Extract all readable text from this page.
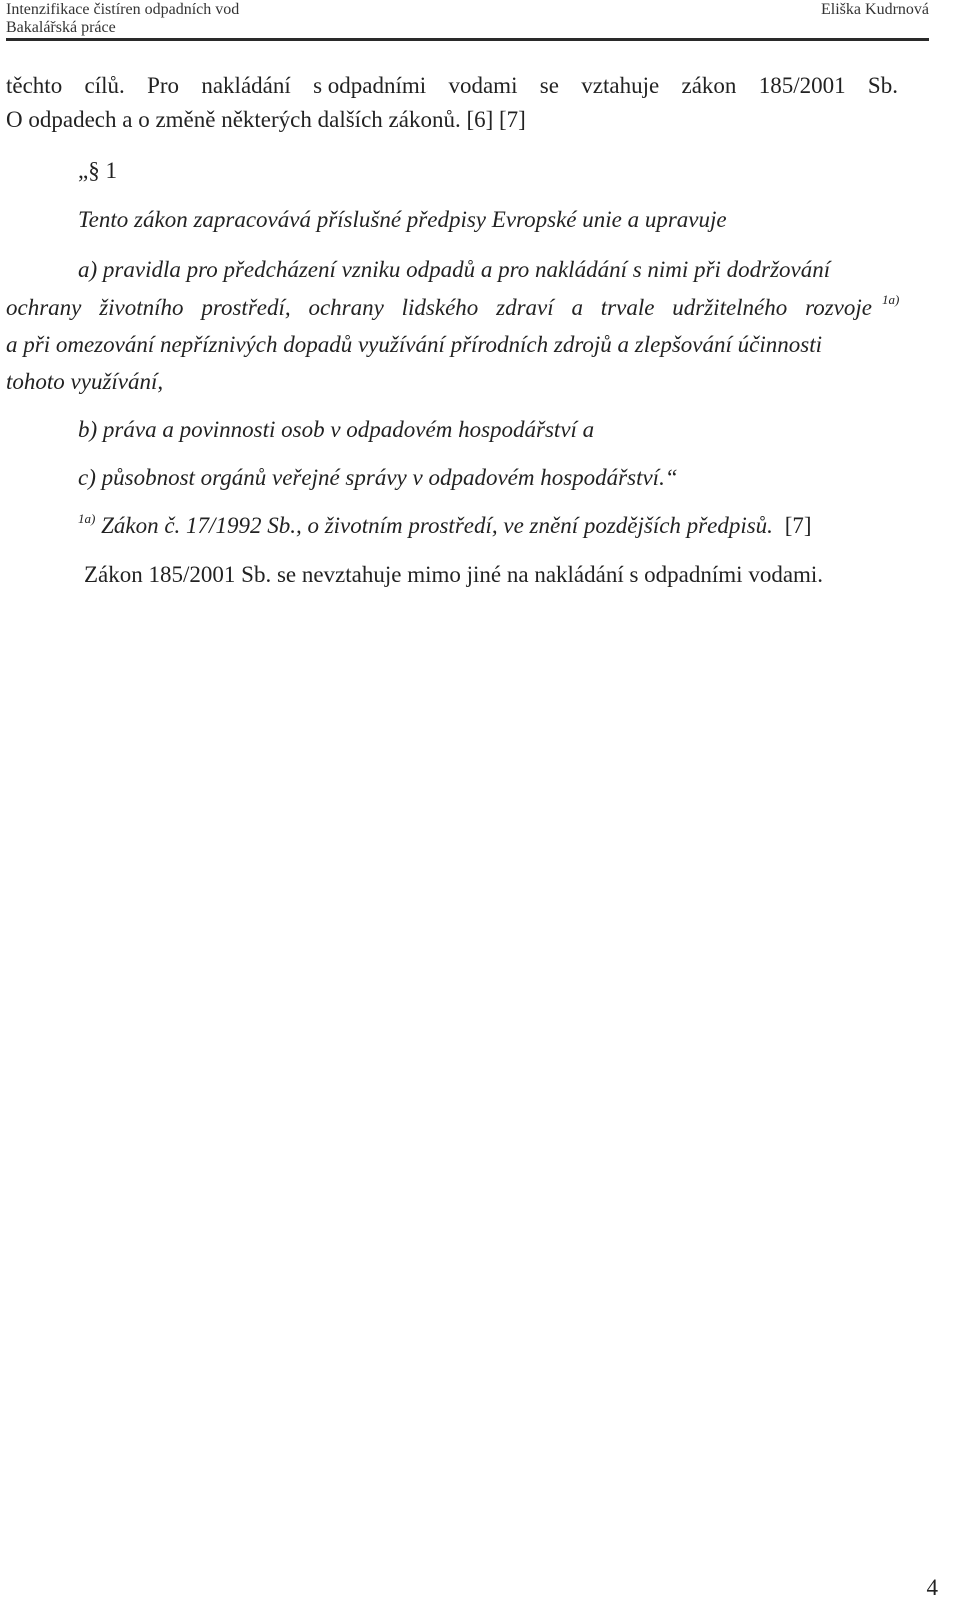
Intenzifikace čistíren odpadních vod
Bakalářská práce
Eliška Kudrnová
těchto cílů. Pro nakládání s odpadními vodami se vztahuje zákon 185/2001 Sb.
O odpadech a o změně některých dalších zákonů. [6] [7]
„§ 1
Tento zákon zapracovává příslušné předpisy Evropské unie a upravuje
a) pravidla pro předcházení vzniku odpadů a pro nakládání s nimi při dodržování
ochrany životního prostředí, ochrany lidského zdraví a trvale udržitelného rozvoje 1a)
a při omezování nepříznivých dopadů využívání přírodních zdrojů a zlepšování účinnosti
tohoto využívání,
b) práva a povinnosti osob v odpadovém hospodářství a
c) působnost orgánů veřejné správy v odpadovém hospodářství.“
$^{1a)}$ Zákon č. 17/1992 Sb., o životním prostředí, ve znění pozdějších předpisů. [7]
Zákon 185/2001 Sb. se nevztahuje mimo jiné na nakládání s odpadními vodami.
4
